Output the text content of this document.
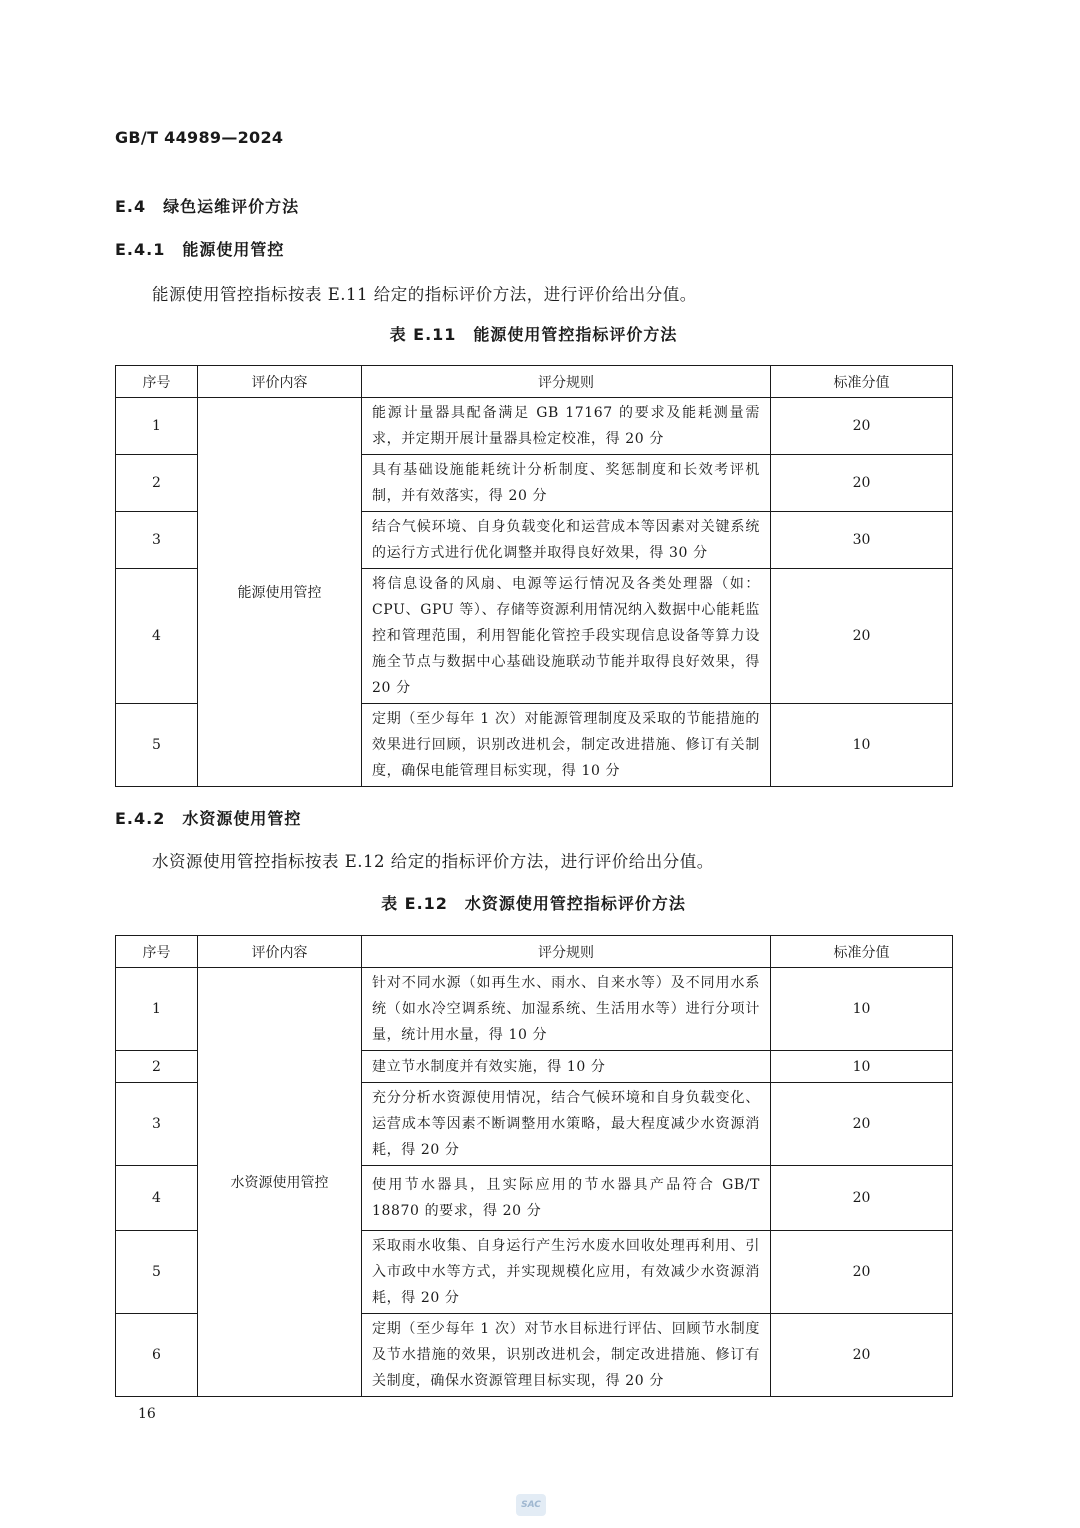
GB/T 44989—2024
E.4　绿色运维评价方法
E.4.1　能源使用管控
能源使用管控指标按表 E.11 给定的指标评价方法，进行评价给出分值。
表 E.11　能源使用管控指标评价方法
序号	评价内容	评分规则	标准分值
1	能源使用管控	能源计量器具配备满足 GB 17167 的要求及能耗测量需求，并定期开展计量器具检定校准，得 20 分	20
2		具有基础设施能耗统计分析制度、奖惩制度和长效考评机制，并有效落实，得 20 分	20
3		结合气候环境、自身负载变化和运营成本等因素对关键系统的运行方式进行优化调整并取得良好效果，得 30 分	30
4		将信息设备的风扇、电源等运行情况及各类处理器（如：CPU、GPU 等）、存储等资源利用情况纳入数据中心能耗监控和管理范围，利用智能化管控手段实现信息设备等算力设施全节点与数据中心基础设施联动节能并取得良好效果，得 20 分	20
5		定期（至少每年 1 次）对能源管理制度及采取的节能措施的效果进行回顾，识别改进机会，制定改进措施、修订有关制度，确保电能管理目标实现，得 10 分	10
E.4.2　水资源使用管控
水资源使用管控指标按表 E.12 给定的指标评价方法，进行评价给出分值。
表 E.12　水资源使用管控指标评价方法
序号	评价内容	评分规则	标准分值
1	水资源使用管控	针对不同水源（如再生水、雨水、自来水等）及不同用水系统（如水冷空调系统、加湿系统、生活用水等）进行分项计量，统计用水量，得 10 分	10
2		建立节水制度并有效实施，得 10 分	10
3		充分分析水资源使用情况，结合气候环境和自身负载变化、运营成本等因素不断调整用水策略，最大程度减少水资源消耗，得 20 分	20
4		使用节水器具，且实际应用的节水器具产品符合 GB/T 18870 的要求，得 20 分	20
5		采取雨水收集、自身运行产生污水废水回收处理再利用、引入市政中水等方式，并实现规模化应用，有效减少水资源消耗，得 20 分	20
6		定期（至少每年 1 次）对节水目标进行评估、回顾节水制度及节水措施的效果，识别改进机会，制定改进措施、修订有关制度，确保水资源管理目标实现，得 20 分	20
16
SAC
